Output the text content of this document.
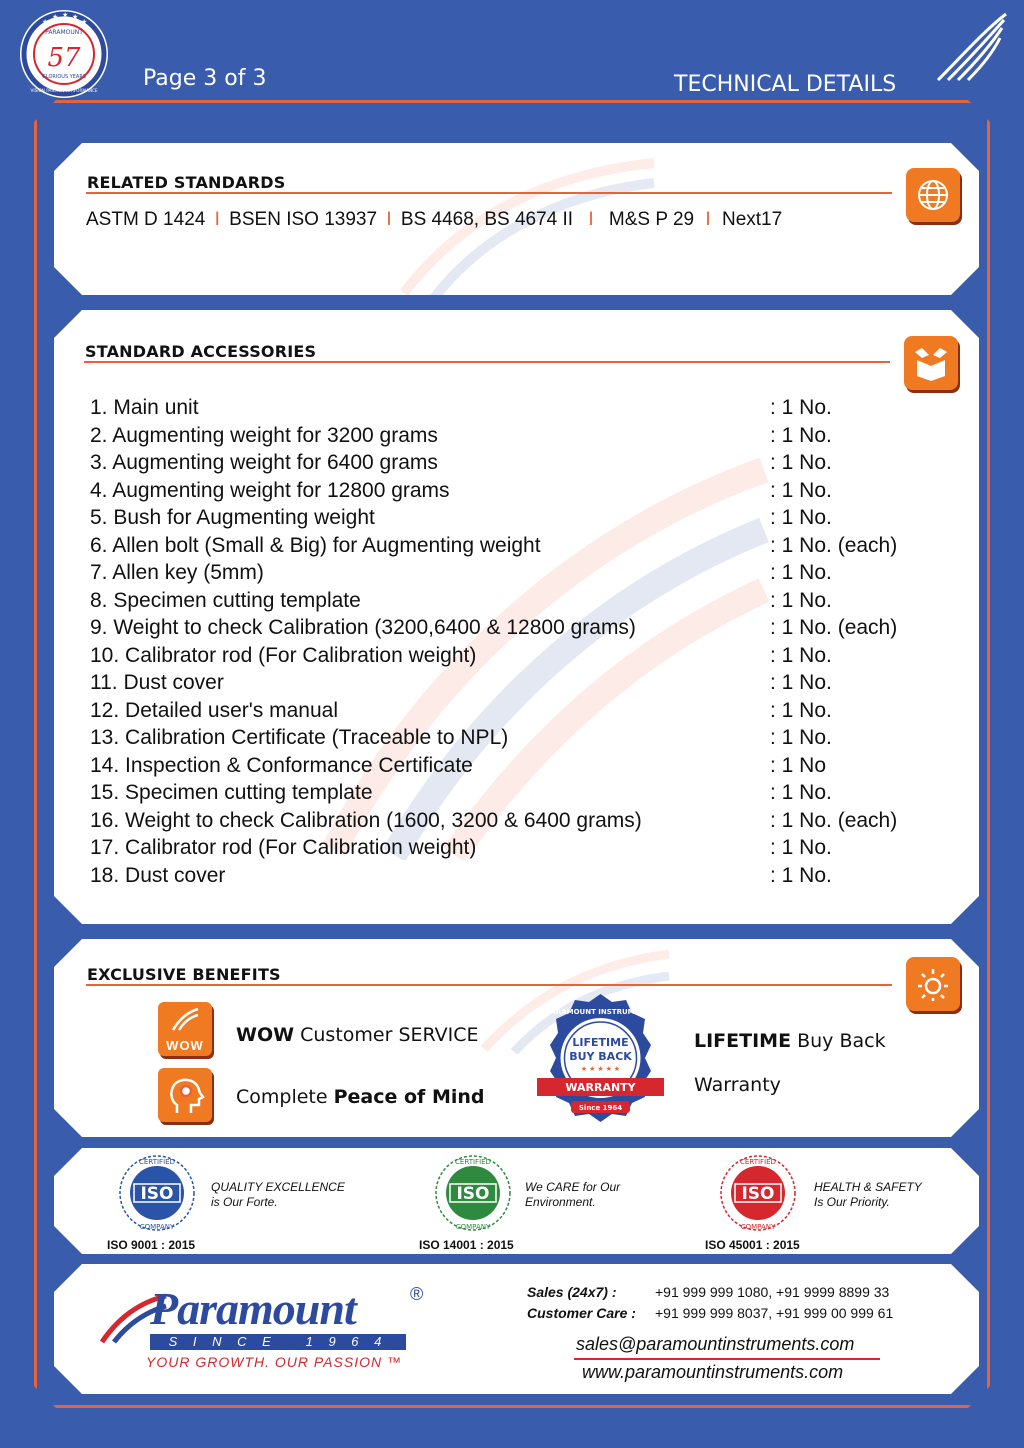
★
★ ★ ★
★
57
PARAMOUNT
GLORIOUS YEARS
VISION PASSION PERFORMANCE Page 3 of 3	TECHNICAL DETAILS
RELATED STANDARDS
ASTM D 1424 I BSEN ISO 13937 I BS 4468, BS 4674 II I M&S P 29 I Next17
STANDARD ACCESSORIES
1. Main unit	: 1 No.
2. Augmenting weight for 3200 grams	: 1 No.
3. Augmenting weight for 6400 grams	: 1 No.
4. Augmenting weight for 12800 grams	: 1 No.
5. Bush for Augmenting weight	: 1 No.
6. Allen bolt (Small & Big) for Augmenting weight	: 1 No. (each)
7. Allen key (5mm)	: 1 No.
8. Specimen cutting template	: 1 No.
9. Weight to check Calibration (3200,6400 & 12800 grams)	: 1 No. (each)
10. Calibrator rod (For Calibration weight)	: 1 No.
11. Dust cover	: 1 No.
12. Detailed user's manual	: 1 No.
13. Calibration Certificate (Traceable to NPL)	: 1 No.
14. Inspection & Conformance Certificate	: 1 No
15. Specimen cutting template	: 1 No.
16. Weight to check Calibration (1600, 3200 & 6400 grams)	: 1 No. (each)
17. Calibrator rod (For Calibration weight)	: 1 No.
18. Dust cover	: 1 No.
EXCLUSIVE BENEFITS
WOW	WOW Customer SERVICE
Complete Peace of Mind
PARAMOUNT INSTRUMENTS
LIFETIME
BUY BACK
★ ★ ★ ★ ★
WARRANTY
Since 1964
LIFETIME Buy Back
Warranty
ISO
CERTIFIED
COMPANY
QUALITY EXCELLENCE
is Our Forte.
ISO 9001 : 2015
ISO
CERTIFIED
COMPANY
We CARE for Our
Environment.
ISO 14001 : 2015
ISO
CERTIFIED
COMPANY
HEALTH & SAFETY
Is Our Priority.
ISO 45001 : 2015
Paramount	®
S I N C E   1 9 6 4
YOUR GROWTH. OUR PASSION ™
Sales (24x7) :	+91 999 999 1080, +91 9999 8899 33
Customer Care : +91 999 999 8037, +91 999 00 999 61
sales@paramountinstruments.com
www.paramountinstruments.com
